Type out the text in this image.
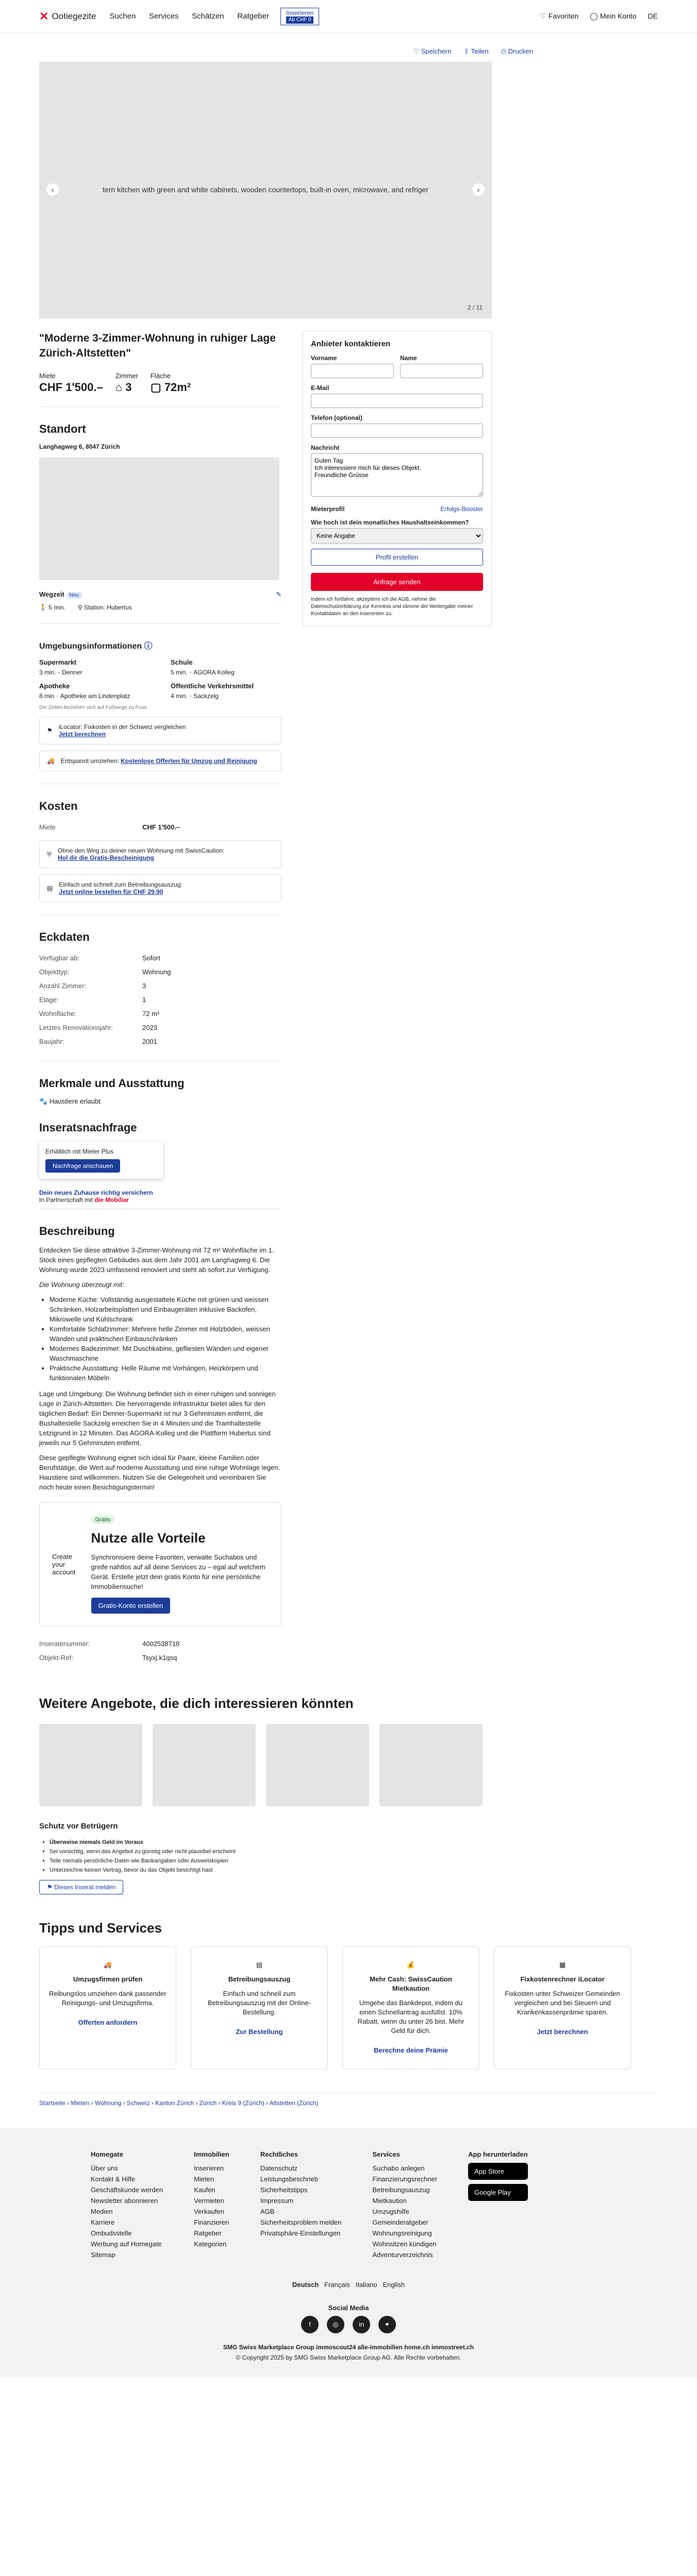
✕ Ootiegezite Suchen Services Schätzen Ratgeber	Inserieren
Ab CHF 0	♡ Favoriten ◯ Mein Konto DE
♡ Speichern ⇪ Teilen ⎙ Drucken
‹	tern kitchen with green and white cabinets, wooden countertops, built-in oven, microwave, and refriger	›
2 / 11
"Moderne 3-Zimmer-Wohnung in ruhiger Lage Zürich-Altstetten"
Miete
CHF 1'500.–
Zimmer
⌂ 3
Fläche
▢ 72m²
Standort
Langhagweg 6, 8047 Zürich
Wegzeit Neu	✎
🚶 5 min. ⚲ Station: Hubertus
Umgebungsinformationen ⓘ
Supermarkt
3 min. · Denner
Schule
5 min. · AGORA Kolleg
Apotheke
8 min · Apotheke am Lindenplatz
Öffentliche Verkehrsmittel
4 min. · Sackzelg
Die Zeiten beziehen sich auf Fußwege zu Fuss.
⚑ iLocator: Fixkosten in der Schweiz vergleichen
Jetzt berechnen
🚚 Entspannt umziehen: Kostenlose Offerten für Umzug und Reinigung
Kosten
Miete	CHF 1'500.–
⛨ Ohne den Weg zu deiner neuen Wohnung mit SwissCaution:
Hol dir die Gratis-Bescheinigung
▤ Einfach und schnell zum Betreibungsauszug:
Jetzt online bestellen für CHF 29.90
Eckdaten
Verfügbar ab:	Sofort
Objekttyp:	Wohnung
Anzahl Zimmer:	3
Etage:	1
Wohnfläche:	72 m²
Letztes Renovationsjahr:	2023
Baujahr:	2001
Merkmale und Ausstattung
🐾 Haustiere erlaubt
Inseratsnachfrage
Erhältlich mit Mieter Plus
Nachfrage anschauen
Dein neues Zuhause richtig versichern
In Partnerschaft mit die Mobiliar
Beschreibung

Entdecken Sie diese attraktive 3-Zimmer-Wohnung mit 72 m² Wohnfläche im 1. Stock eines gepflegten Gebäudes aus dem Jahr 2001 am Langhagweg 6. Die Wohnung wurde 2023 umfassend renoviert und steht ab sofort zur Verfügung.

Die Wohnung überzeugt mit:

• Moderne Küche: Vollständig ausgestattete Küche mit grünen und weissen Schränken, Holzarbeitsplatten und Einbaugeräten inklusive Backofen, Mikrowelle und Kühlschrank
• Komfortable Schlafzimmer: Mehrere helle Zimmer mit Holzböden, weissen Wänden und praktischen Einbauschränken
• Modernes Badezimmer: Mit Duschkabine, gefliesten Wänden und eigener Waschmaschine
• Praktische Ausstattung: Helle Räume mit Vorhängen, Heizkörpern und funktionalen Möbeln

Lage und Umgebung: Die Wohnung befindet sich in einer ruhigen und sonnigen Lage in Zürich-Altstetten. Die hervorragende Infrastruktur bietet alles für den täglichen Bedarf: Ein Denner-Supermarkt ist nur 3 Gehminuten entfernt, die Bushaltestelle Sackzelg erreichen Sie in 4 Minuten und die Tramhaltestelle Letzigrund in 12 Minuten. Das AGORA-Kolleg und die Plattform Hubertus sind jeweils nur 5 Gehminuten entfernt.

Diese gepflegte Wohnung eignet sich ideal für Paare, kleine Familien oder Berufstätige, die Wert auf moderne Ausstattung und eine ruhige Wohnlage legen. Haustiere sind willkommen. Nutzen Sie die Gelegenheit und vereinbaren Sie noch heute einen Besichtigungstermin!

Create your account
Gratis
Nutze alle Vorteile

Synchronisiere deine Favoriten, verwalte Suchabos und greife nahtlos auf all deine Services zu – egal auf welchem Gerät. Erstelle jetzt dein gratis Konto für eine persönliche Immobiliensuche!

Gratis-Konto erstellen
Inseratenummer:	4002538718
Objekt-Ref:	Tsyxj.k1qsq
Anbieter kontaktieren
Vorname	Name
E-Mail
Telefon (optional)
Nachricht
Guten Tag Ich interessiere mich für dieses Objekt. Freundliche Grüsse
Mieterprofil	Erfolgs-Booster
Wie hoch ist dein monatliches Haushaltseinkommen?
Keine Angabe
Profil erstellen
Anfrage senden

Indem ich fortfahre, akzeptiere ich die AGB, nehme die Datenschutzerklärung zur Kenntnis und stimme der Weitergabe meiner Kontaktdaten an den Inserenten zu.

Weitere Angebote, die dich interessieren könnten
Schutz vor Betrügern
• Überweise niemals Geld im Voraus
• Sei vorsichtig, wenn das Angebot zu günstig oder nicht plausibel erscheint
• Teile niemals persönliche Daten wie Bankangaben oder Ausweiskopien
• Unterzeichne keinen Vertrag, bevor du das Objekt besichtigt hast
⚑ Dieses Inserat melden
Tipps und Services
🚚
Umzugsfirmen prüfen
Reibungslos umziehen dank passender Reinigungs- und Umzugsfirma.
Offerten anfordern
▤
Betreibungsauszug
Einfach und schnell zum Betreibungsauszug mit der Online-Bestellung.
Zur Bestellung
💰
Mehr Cash: SwissCaution Mietkaution
Umgehe das Bankdepot, indem du einen Schnellantrag ausfüllst. 10% Rabatt, wenn du unter 26 bist. Mehr Geld für dich.
Berechne deine Prämie
▦
Fixkostenrechner iLocator
Fixkosten unter Schweizer Gemeinden vergleichen und bei Steuern und Krankenkassenprämie sparen.
Jetzt berechnen
Startseite › Mieten › Wohnung › Schweiz › Kanton Zürich › Zürich › Kreis 9 (Zürich) › Altstetten (Zürich)
Homegate
Über uns
Kontakt & Hilfe
Geschäftskunde werden
Newsletter abonnieren
Medien
Karriere
Ombudsstelle
Werbung auf Homegate
Sitemap
Immobilien
Inserieren
Mieten
Kaufen
Vermieten
Verkaufen
Finanzieren
Ratgeber
Kategorien
Rechtliches
Datenschutz
Leistungsbeschrieb
Sicherheitstipps
Impressum
AGB
Sicherheitsproblem melden
Privatsphäre-Einstellungen
Services
Suchabo anlegen
Finanzierungsrechner
Betreibungsauszug
Mietkaution
Umzugshilfe
Gemeinderatgeber
Wohnungsreinigung
Wohnsitzen kündigen
Adventurverzeichnis
App herunterladen
App Store
Google Play
Deutsch Français Italiano English
Social Media
f	◎	in	✦
SMG Swiss Marketplace Group immoscout24 alle-immobilien home.ch immostreet.ch
© Copyright 2025 by SMG Swiss Marketplace Group AG. Alle Rechte vorbehalten.
